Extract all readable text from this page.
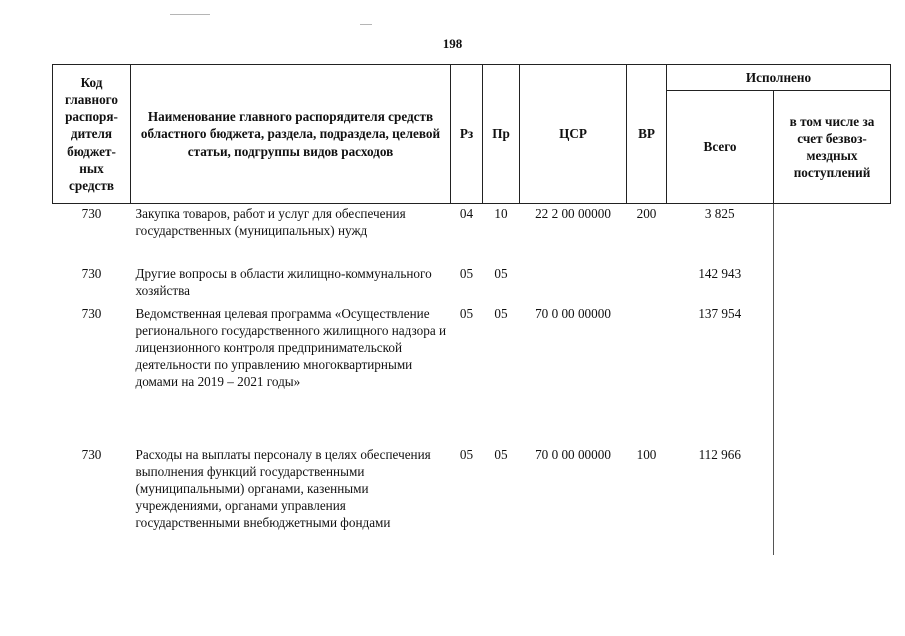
198
Код главного распоря-дителя бюджет-ных средств	Наименование главного распорядителя средств областного бюджета, раздела, подраздела, целевой статьи, подгруппы видов расходов	Рз	Пр	ЦСР	ВР	Исполнено	
						Всего	в том числе за счет безвоз-мездных поступлений
730	Закупка товаров, работ и услуг для обеспечения государственных (муниципальных) нужд	04	10	22 2 00 00000	200	3 825	
730	Другие вопросы в области жилищно-коммунального хозяйства	05	05			142 943	
730	Ведомственная целевая программа «Осуществление регионального государственного жилищного надзора и лицензионного контроля предпринимательской деятельности по управлению многоквартирными домами на 2019 – 2021 годы»	05	05	70 0 00 00000		137 954	
730	Расходы на выплаты персоналу в целях обеспечения выполнения функций государственными (муниципальными) органами, казенными учреждениями, органами управления государственными внебюджетными фондами	05	05	70 0 00 00000	100	112 966	
